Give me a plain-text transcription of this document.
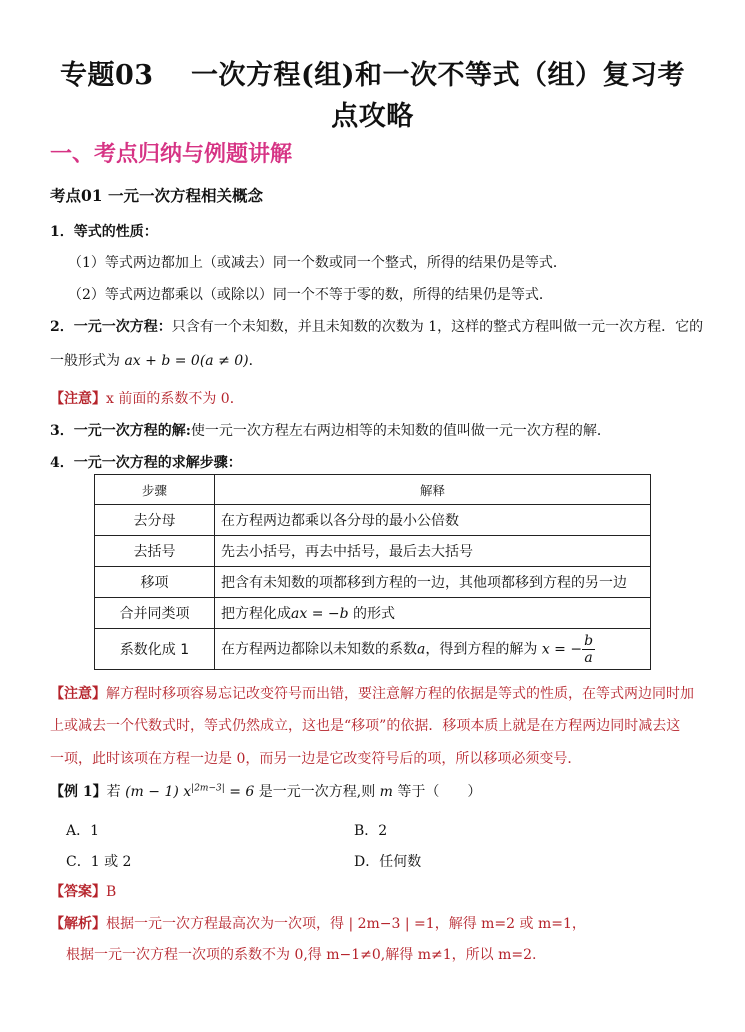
专题03　 一次方程(组)和一次不等式（组）复习考
点攻略
一、考点归纳与例题讲解
考点01 一元一次方程相关概念
1．等式的性质：
（1）等式两边都加上（或减去）同一个数或同一个整式，所得的结果仍是等式．
（2）等式两边都乘以（或除以）同一个不等于零的数，所得的结果仍是等式．
2．一元一次方程：只含有一个未知数，并且未知数的次数为 1，这样的整式方程叫做一元一次方程．它的
一般形式为 ax + b = 0(a ≠ 0)．
【注意】x 前面的系数不为 0．
3．一元一次方程的解:使一元一次方程左右两边相等的未知数的值叫做一元一次方程的解．
4．一元一次方程的求解步骤：
步骤	解释
去分母	在方程两边都乘以各分母的最小公倍数
去括号	先去小括号，再去中括号，最后去大括号
移项	把含有未知数的项都移到方程的一边，其他项都移到方程的另一边
合并同类项	把方程化成ax = −b 的形式
系数化成 1	在方程两边都除以未知数的系数a，得到方程的解为 x = − $\frac{b}{a}$
【注意】解方程时移项容易忘记改变符号而出错，要注意解方程的依据是等式的性质，在等式两边同时加
上或减去一个代数式时，等式仍然成立，这也是“移项”的依据．移项本质上就是在方程两边同时减去这
一项，此时该项在方程一边是 0，而另一边是它改变符号后的项，所以移项必须变号．
【例 1】若 (m − 1) $x^{|2m-3|} = 6$ 是一元一次方程,则 m 等于（　　）
A．1	B．2
C．1 或 2	D．任何数
【答案】B
【解析】根据一元一次方程最高次为一次项，得 | 2m−3 | =1，解得 m=2 或 m=1，
根据一元一次方程一次项的系数不为 0,得 m−1≠0,解得 m≠1，所以 m=2.
